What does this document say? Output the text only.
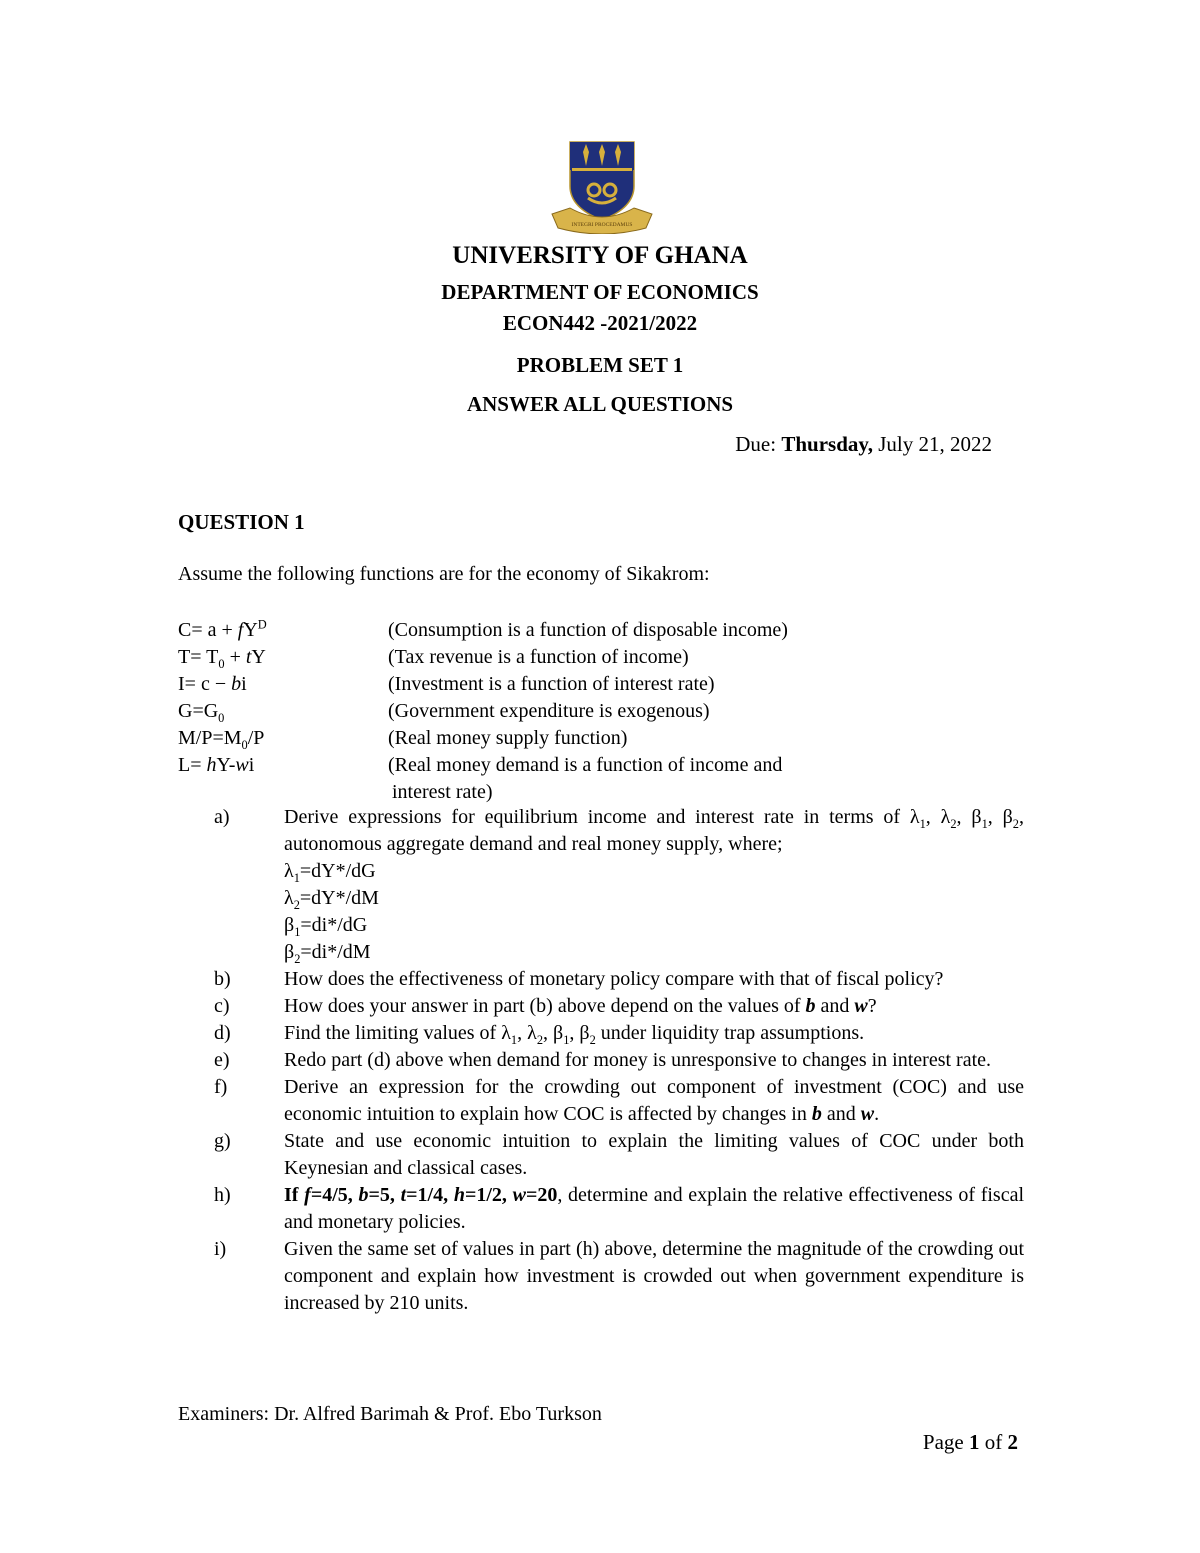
INTEGRI PROCEDAMUS
UNIVERSITY OF GHANA
DEPARTMENT OF ECONOMICS
ECON442 -2021/2022
PROBLEM SET 1
ANSWER ALL QUESTIONS
Due: Thursday, July 21, 2022
QUESTION 1
Assume the following functions are for the economy of Sikakrom:
$C= a + fY^D$	(Consumption is a function of disposable income)
$T= T_0$ + tY	(Tax revenue is a function of income)
I= c − bi	(Investment is a function of interest rate)
$G=G_0$	(Government expenditure is exogenous)
$M/P=M_0/P$	(Real money supply function)
L= hY-wi	(Real money demand is a function of income and
interest rate)
a)	Derive expressions for equilibrium income and interest rate in terms of $\lambda_1$, $\lambda_2$, $\beta_1$, $\beta_2$, autonomous aggregate demand and real money supply, where;
$\lambda_1=dY*/dG$
$\lambda_2=dY*/dM$
$\beta_1=di*/dG$
$\beta_2=di*/dM$
b)	How does the effectiveness of monetary policy compare with that of fiscal policy?
c)	How does your answer in part (b) above depend on the values of b and w?
d)	Find the limiting values of $\lambda_1$, $\lambda_2$, $\beta_1$, $\beta_2$ under liquidity trap assumptions.
e)	Redo part (d) above when demand for money is unresponsive to changes in interest rate.
f)	Derive an expression for the crowding out component of investment (COC) and use economic intuition to explain how COC is affected by changes in b and w.
g)	State and use economic intuition to explain the limiting values of COC under both Keynesian and classical cases.
h)	If f=4/5, b=5, t=1/4, h=1/2, w=20, determine and explain the relative effectiveness of fiscal and monetary policies.
i)	Given the same set of values in part (h) above, determine the magnitude of the crowding out component and explain how investment is crowded out when government expenditure is increased by 210 units.
Examiners: Dr. Alfred Barimah & Prof. Ebo Turkson
Page 1 of 2
